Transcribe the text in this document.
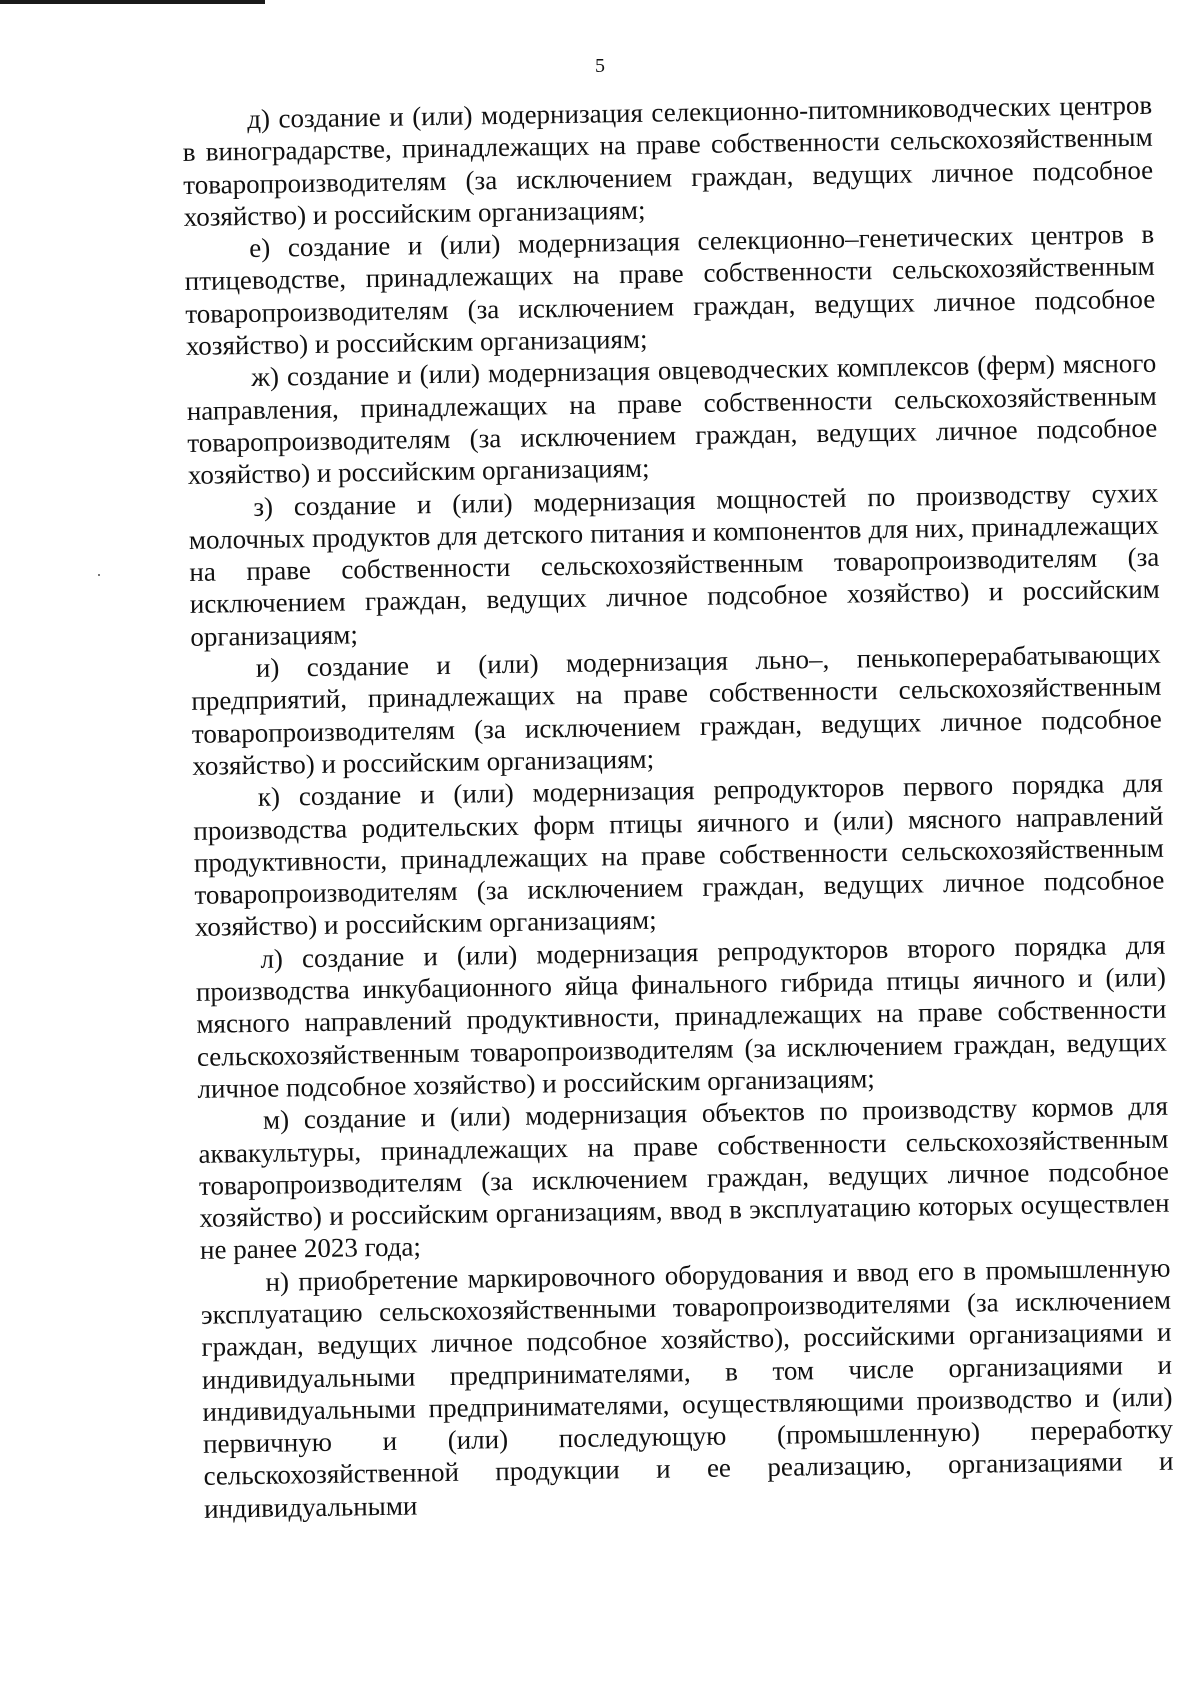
5

д) создание и (или) модернизация селекционно-питомниководческих центров в виноградарстве, принадлежащих на праве собственности сельскохозяйственным товаропроизводителям (за исключением граждан, ведущих личное подсобное хозяйство) и российским организациям;

е) создание и (или) модернизация селекционно–генетических центров в птицеводстве, принадлежащих на праве собственности сельскохозяйственным товаропроизводителям (за исключением граждан, ведущих личное подсобное хозяйство) и российским организациям;

ж) создание и (или) модернизация овцеводческих комплексов (ферм) мясного направления, принадлежащих на праве собственности сельскохозяйственным товаропроизводителям (за исключением граждан, ведущих личное подсобное хозяйство) и российским организациям;

з) создание и (или) модернизация мощностей по производству сухих молочных продуктов для детского питания и компонентов для них, принадлежащих на праве собственности сельскохозяйственным товаропроизводителям (за исключением граждан, ведущих личное подсобное хозяйство) и российским организациям;

и) создание и (или) модернизация льно–, пенькоперерабатывающих предприятий, принадлежащих на праве собственности сельскохозяйственным товаропроизводителям (за исключением граждан, ведущих личное подсобное хозяйство) и российским организациям;

к) создание и (или) модернизация репродукторов первого порядка для производства родительских форм птицы яичного и (или) мясного направлений продуктивности, принадлежащих на праве собственности сельскохозяйственным товаропроизводителям (за исключением граждан, ведущих личное подсобное хозяйство) и российским организациям;

л) создание и (или) модернизация репродукторов второго порядка для производства инкубационного яйца финального гибрида птицы яичного и (или) мясного направлений продуктивности, принадлежащих на праве собственности сельскохозяйственным товаропроизводителям (за исключением граждан, ведущих личное подсобное хозяйство) и российским организациям;

м) создание и (или) модернизация объектов по производству кормов для аквакультуры, принадлежащих на праве собственности сельскохозяйственным товаропроизводителям (за исключением граждан, ведущих личное подсобное хозяйство) и российским организациям, ввод в эксплуатацию которых осуществлен не ранее 2023 года;

н) приобретение маркировочного оборудования и ввод его в промышленную эксплуатацию сельскохозяйственными товаропроизводителями (за исключением граждан, ведущих личное подсобное хозяйство), российскими организациями и индивидуальными предпринимателями, в том числе организациями и индивидуальными предпринимателями, осуществляющими производство и (или) первичную и (или) последующую (промышленную) переработку сельскохозяйственной продукции и ее реализацию, организациями и индивидуальными
